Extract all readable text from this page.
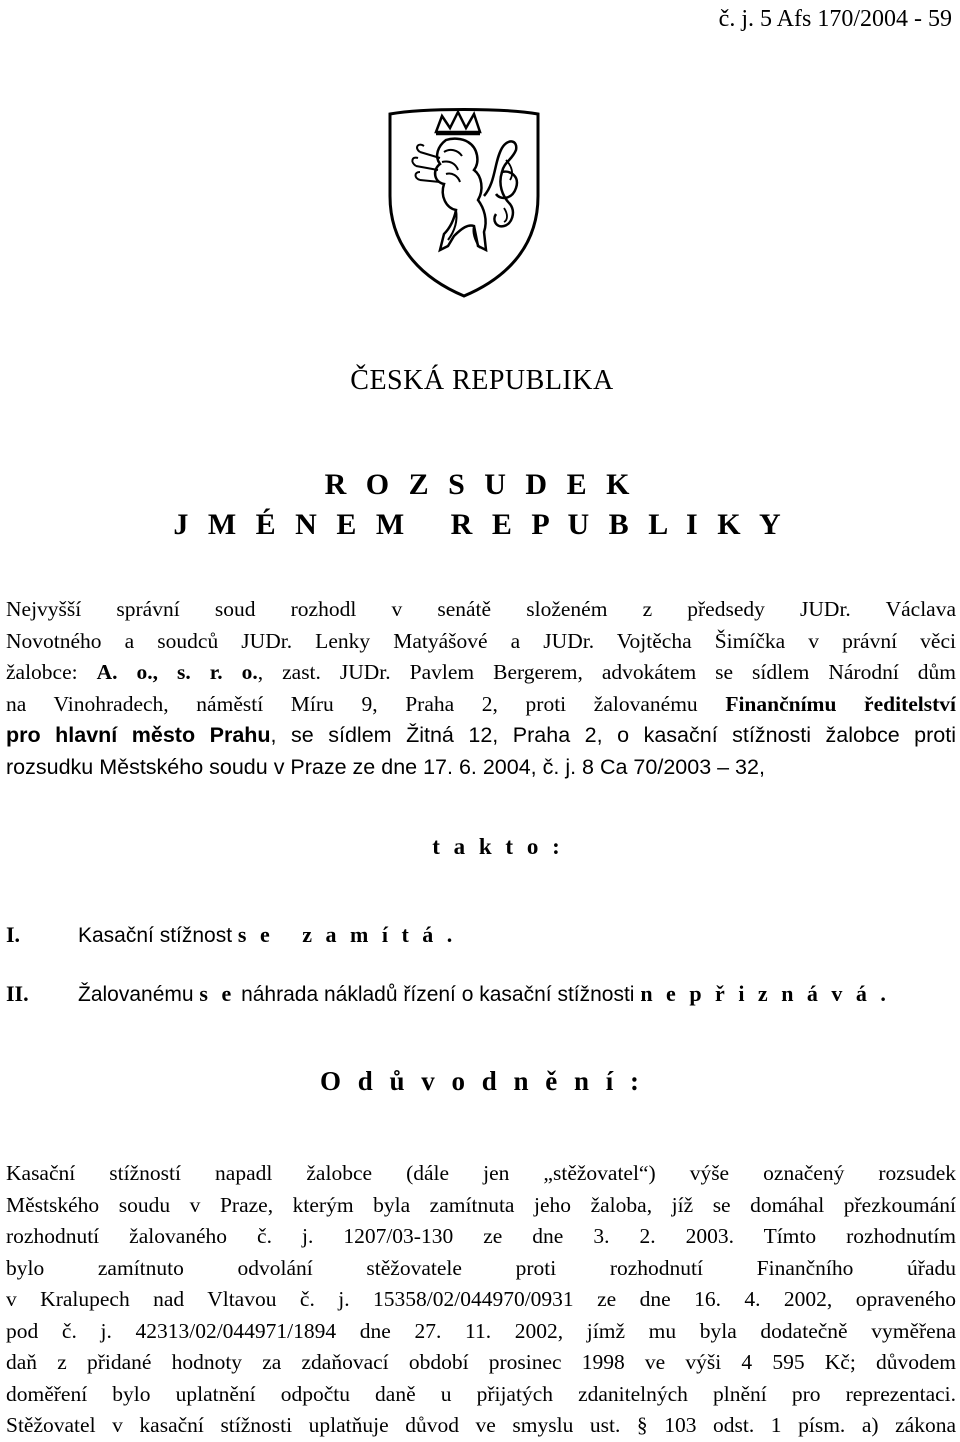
č. j. 5 Afs 170/2004 - 59
ČESKÁ REPUBLIKA
R O Z S U D E K
J M É N E M   R E P U B L I K Y
Nejvyšší správní soud rozhodl v senátě složeném z předsedy JUDr. Václava
Novotného a soudců JUDr. Lenky Matyášové a JUDr. Vojtěcha Šimíčka v právní věci
žalobce: A. o., s. r. o., zast. JUDr. Pavlem Bergerem, advokátem se sídlem Národní dům
na Vinohradech, náměstí Míru 9, Praha 2, proti žalovanému Finančnímu ředitelství
pro hlavní město Prahu, se sídlem Žitná 12, Praha 2, o kasační stížnosti žalobce proti
rozsudku Městského soudu v Praze ze dne 17. 6. 2004, č. j. 8 Ca 70/2003 – 32,
t a k t o :
I.	Kasační stížnost s e   z a m í t á .
II. Žalovanému s e náhrada nákladů řízení o kasační stížnosti n e p ř i z n á v á .
O d ů v o d n ě n í :
Kasační stížností napadl žalobce (dále jen „stěžovatel“) výše označený rozsudek
Městského soudu v Praze, kterým byla zamítnuta jeho žaloba, jíž se domáhal přezkoumání
rozhodnutí žalovaného č. j. 1207/03-130 ze dne 3. 2. 2003. Tímto rozhodnutím
bylo zamítnuto odvolání stěžovatele proti rozhodnutí Finančního úřadu
v Kralupech nad Vltavou č. j. 15358/02/044970/0931 ze dne 16. 4. 2002, opraveného
pod č. j. 42313/02/044971/1894 dne 27. 11. 2002, jímž mu byla dodatečně vyměřena
daň z přidané hodnoty za zdaňovací období prosinec 1998 ve výši 4 595 Kč; důvodem
doměření bylo uplatnění odpočtu daně u přijatých zdanitelných plnění pro reprezentaci.
Stěžovatel v kasační stížnosti uplatňuje důvod ve smyslu ust. § 103 odst. 1 písm. a) zákona
